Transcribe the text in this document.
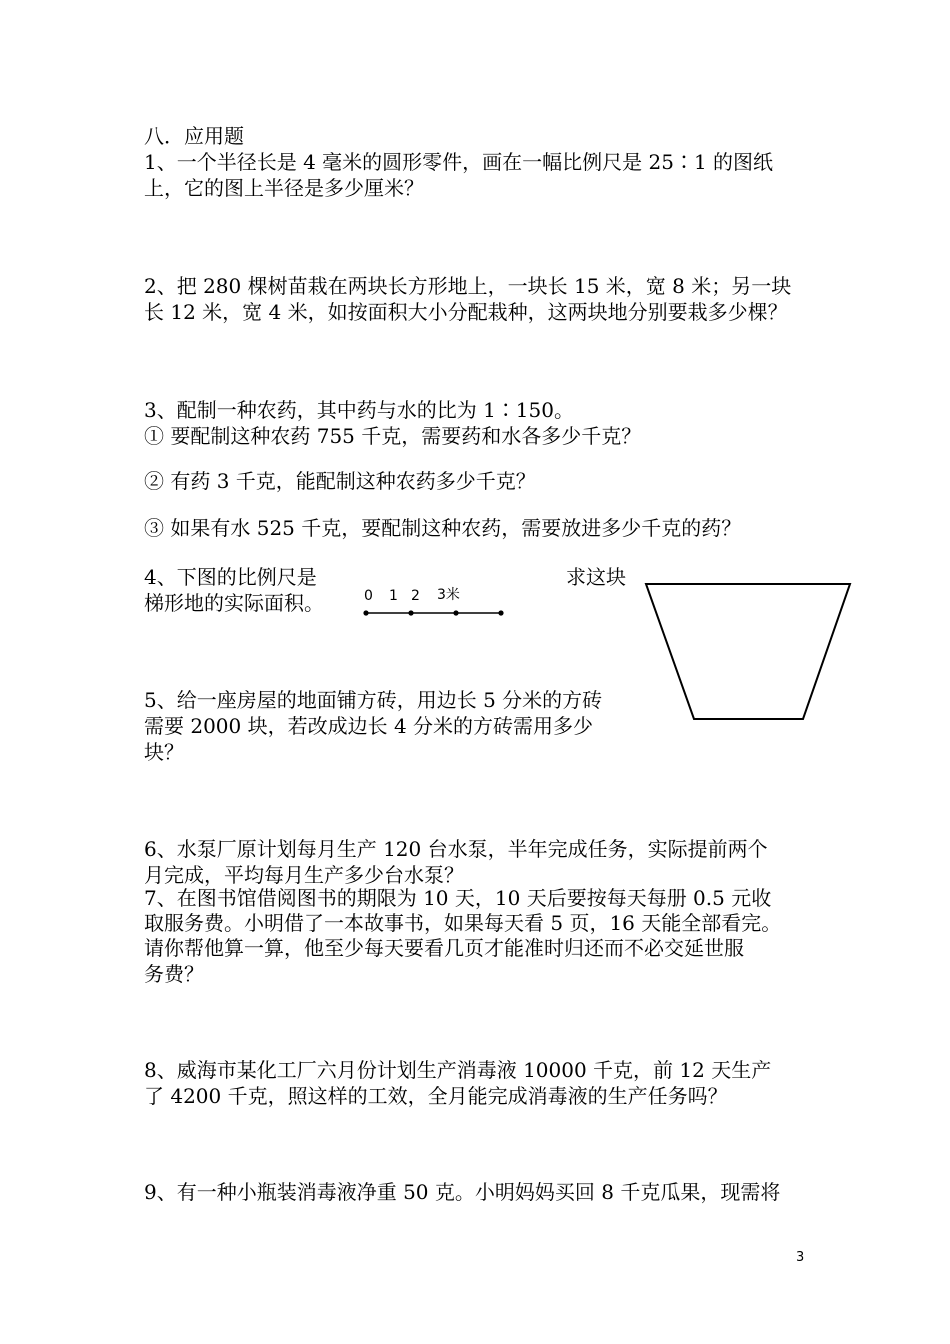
八．应用题
1、一个半径长是 4 毫米的圆形零件，画在一幅比例尺是 25∶1 的图纸
上，它的图上半径是多少厘米？
2、把 280 棵树苗栽在两块长方形地上，一块长 15 米，宽 8 米；另一块
长 12 米，宽 4 米，如按面积大小分配栽种，这两块地分别要栽多少棵？
3、配制一种农药，其中药与水的比为 1∶150。
① 要配制这种农药 755 千克，需要药和水各多少千克？
② 有药 3 千克，能配制这种农药多少千克？
③ 如果有水 525 千克，要配制这种农药，需要放进多少千克的药？
4、下图的比例尺是	求这块
梯形地的实际面积。	0 1 2 3米
5、给一座房屋的地面铺方砖，用边长 5 分米的方砖
需要 2000 块，若改成边长 4 分米的方砖需用多少
块？
6、水泵厂原计划每月生产 120 台水泵，半年完成任务，实际提前两个
月完成，平均每月生产多少台水泵？
7、在图书馆借阅图书的期限为 10 天，10 天后要按每天每册 0.5 元收
取服务费。小明借了一本故事书，如果每天看 5 页，16 天能全部看完。
请你帮他算一算，他至少每天要看几页才能准时归还而不必交延世服
务费？
8、威海市某化工厂六月份计划生产消毒液 10000 千克，前 12 天生产
了 4200 千克，照这样的工效，全月能完成消毒液的生产任务吗？
9、有一种小瓶装消毒液净重 50 克。小明妈妈买回 8 千克瓜果，现需将
3
